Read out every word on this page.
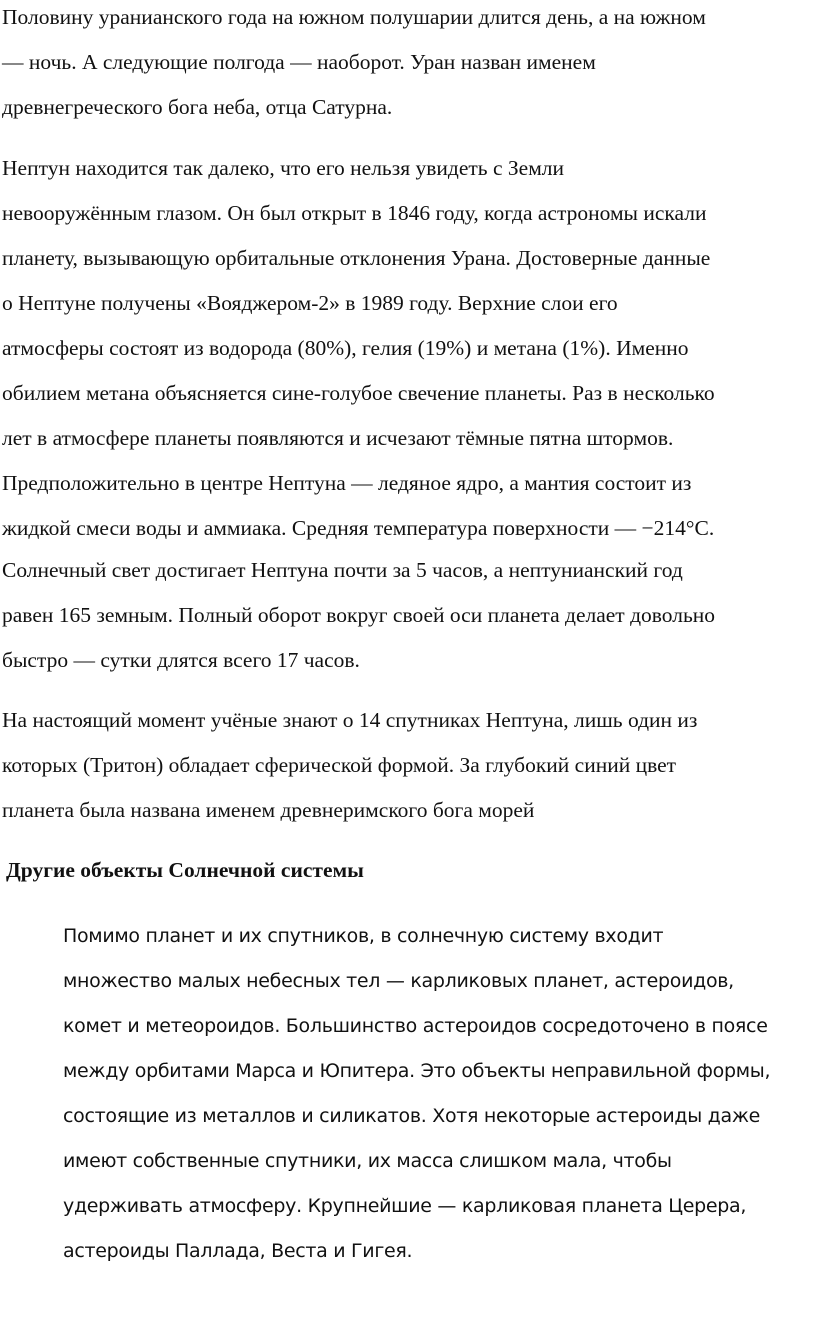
Половину уранианского года на южном полушарии длится день, а на южном
— ночь. А следующие полгода — наоборот. Уран назван именем
древнегреческого бога неба, отца Сатурна.

Нептун находится так далеко, что его нельзя увидеть с Земли
невооружённым глазом. Он был открыт в 1846 году, когда астрономы искали
планету, вызывающую орбитальные отклонения Урана. Достоверные данные
о Нептуне получены «Вояджером-2» в 1989 году. Верхние слои его
атмосферы состоят из водорода (80%), гелия (19%) и метана (1%). Именно
обилием метана объясняется сине-голубое свечение планеты. Раз в несколько
лет в атмосфере планеты появляются и исчезают тёмные пятна штормов.
Предположительно в центре Нептуна — ледяное ядро, а мантия состоит из
жидкой смеси воды и аммиака. Средняя температура поверхности — −214°С.

Солнечный свет достигает Нептуна почти за 5 часов, а нептунианский год
равен 165 земным. Полный оборот вокруг своей оси планета делает довольно
быстро — сутки длятся всего 17 часов.

На настоящий момент учёные знают о 14 спутниках Нептуна, лишь один из
которых (Тритон) обладает сферической формой. За глубокий синий цвет
планета была названа именем древнеримского бога морей

Другие объекты Солнечной системы

Помимо планет и их спутников, в солнечную систему входит
множество малых небесных тел — карликовых планет, астероидов,
комет и метеороидов. Большинство астероидов сосредоточено в поясе
между орбитами Марса и Юпитера. Это объекты неправильной формы,
состоящие из металлов и силикатов. Хотя некоторые астероиды даже
имеют собственные спутники, их масса слишком мала, чтобы
удерживать атмосферу. Крупнейшие — карликовая планета Церера,
астероиды Паллада, Веста и Гигея.
